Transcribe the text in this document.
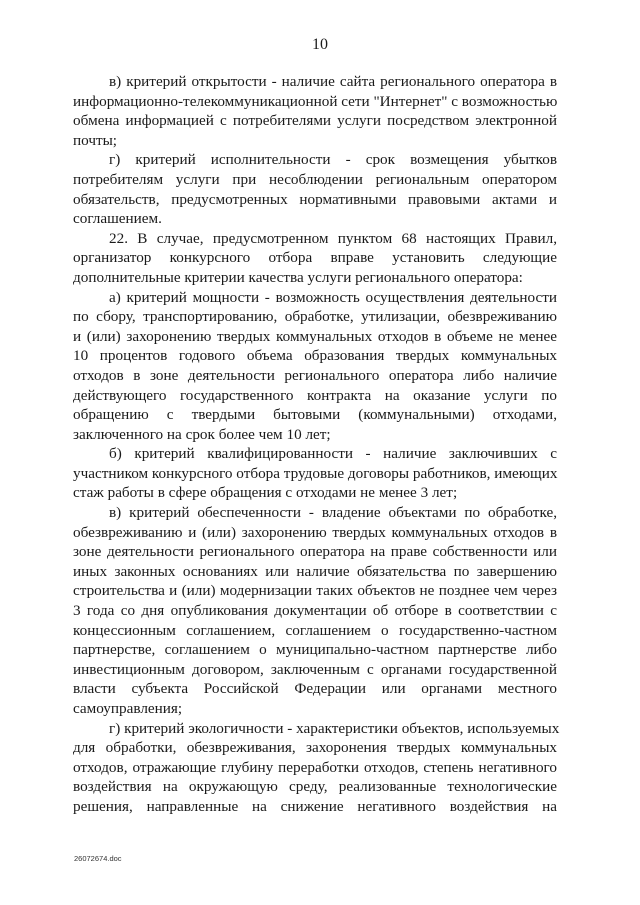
10
в) критерий открытости - наличие сайта регионального оператора в
информационно-телекоммуникационной сети "Интернет" с возможностью
обмена информацией с потребителями услуги посредством электронной
почты;
г) критерий исполнительности - срок возмещения убытков
потребителям услуги при несоблюдении региональным оператором
обязательств, предусмотренных нормативными правовыми актами и
соглашением.
22. В случае, предусмотренном пунктом 68 настоящих Правил,
организатор конкурсного отбора вправе установить следующие
дополнительные критерии качества услуги регионального оператора:
а) критерий мощности - возможность осуществления деятельности
по сбору, транспортированию, обработке, утилизации, обезвреживанию
и (или) захоронению твердых коммунальных отходов в объеме не менее
10 процентов годового объема образования твердых коммунальных
отходов в зоне деятельности регионального оператора либо наличие
действующего государственного контракта на оказание услуги по
обращению с твердыми бытовыми (коммунальными) отходами,
заключенного на срок более чем 10 лет;
б) критерий квалифицированности - наличие заключивших с
участником конкурсного отбора трудовые договоры работников, имеющих
стаж работы в сфере обращения с отходами не менее 3 лет;
в) критерий обеспеченности - владение объектами по обработке,
обезвреживанию и (или) захоронению твердых коммунальных отходов в
зоне деятельности регионального оператора на праве собственности или
иных законных основаниях или наличие обязательства по завершению
строительства и (или) модернизации таких объектов не позднее чем через
3 года со дня опубликования документации об отборе в соответствии с
концессионным соглашением, соглашением о государственно-частном
партнерстве, соглашением о муниципально-частном партнерстве либо
инвестиционным договором, заключенным с органами государственной
власти субъекта Российской Федерации или органами местного
самоуправления;
г) критерий экологичности - характеристики объектов, используемых
для обработки, обезвреживания, захоронения твердых коммунальных
отходов, отражающие глубину переработки отходов, степень негативного
воздействия на окружающую среду, реализованные технологические
решения, направленные на снижение негативного воздействия на
26072674.doc
